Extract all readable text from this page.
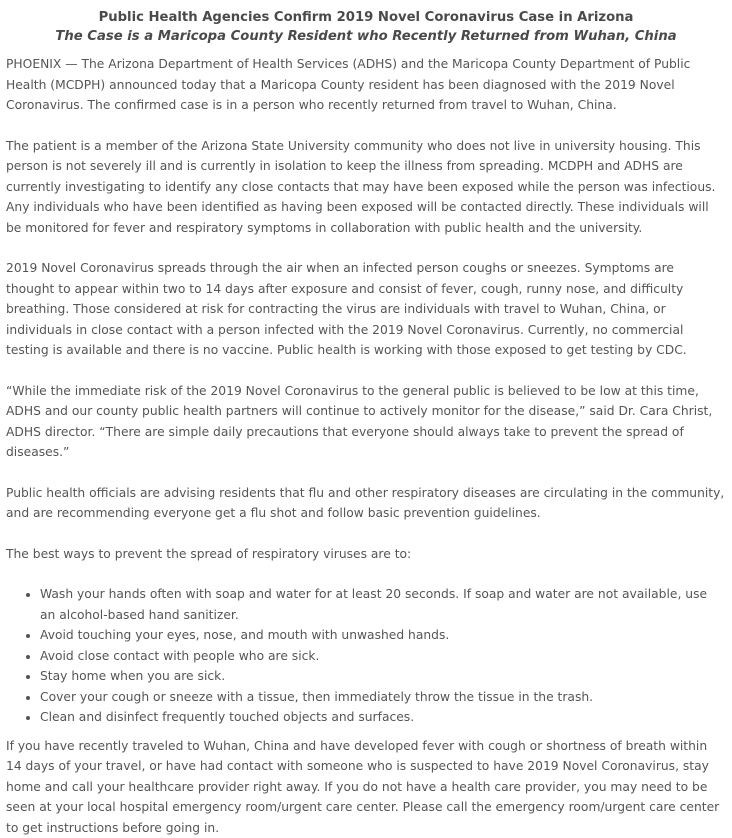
Public Health Agencies Confirm 2019 Novel Coronavirus Case in Arizona
The Case is a Maricopa County Resident who Recently Returned from Wuhan, China

PHOENIX — The Arizona Department of Health Services (ADHS) and the Maricopa County Department of Public Health (MCDPH) announced today that a Maricopa County resident has been diagnosed with the 2019 Novel Coronavirus. The confirmed case is in a person who recently returned from travel to Wuhan, China.

The patient is a member of the Arizona State University community who does not live in university housing. This person is not severely ill and is currently in isolation to keep the illness from spreading. MCDPH and ADHS are currently investigating to identify any close contacts that may have been exposed while the person was infectious. Any individuals who have been identified as having been exposed will be contacted directly. These individuals will be monitored for fever and respiratory symptoms in collaboration with public health and the university.

2019 Novel Coronavirus spreads through the air when an infected person coughs or sneezes. Symptoms are thought to appear within two to 14 days after exposure and consist of fever, cough, runny nose, and difficulty breathing. Those considered at risk for contracting the virus are individuals with travel to Wuhan, China, or individuals in close contact with a person infected with the 2019 Novel Coronavirus. Currently, no commercial testing is available and there is no vaccine. Public health is working with those exposed to get testing by CDC.

“While the immediate risk of the 2019 Novel Coronavirus to the general public is believed to be low at this time, ADHS and our county public health partners will continue to actively monitor for the disease,” said Dr. Cara Christ, ADHS director. “There are simple daily precautions that everyone should always take to prevent the spread of diseases.”

Public health officials are advising residents that flu and other respiratory diseases are circulating in the community, and are recommending everyone get a flu shot and follow basic prevention guidelines.

The best ways to prevent the spread of respiratory viruses are to:

• Wash your hands often with soap and water for at least 20 seconds. If soap and water are not available, use an alcohol-based hand sanitizer.
• Avoid touching your eyes, nose, and mouth with unwashed hands.
• Avoid close contact with people who are sick.
• Stay home when you are sick.
• Cover your cough or sneeze with a tissue, then immediately throw the tissue in the trash.
• Clean and disinfect frequently touched objects and surfaces.

If you have recently traveled to Wuhan, China and have developed fever with cough or shortness of breath within 14 days of your travel, or have had contact with someone who is suspected to have 2019 Novel Coronavirus, stay home and call your healthcare provider right away. If you do not have a health care provider, you may need to be seen at your local hospital emergency room/urgent care center. Please call the emergency room/urgent care center to get instructions before going in.
